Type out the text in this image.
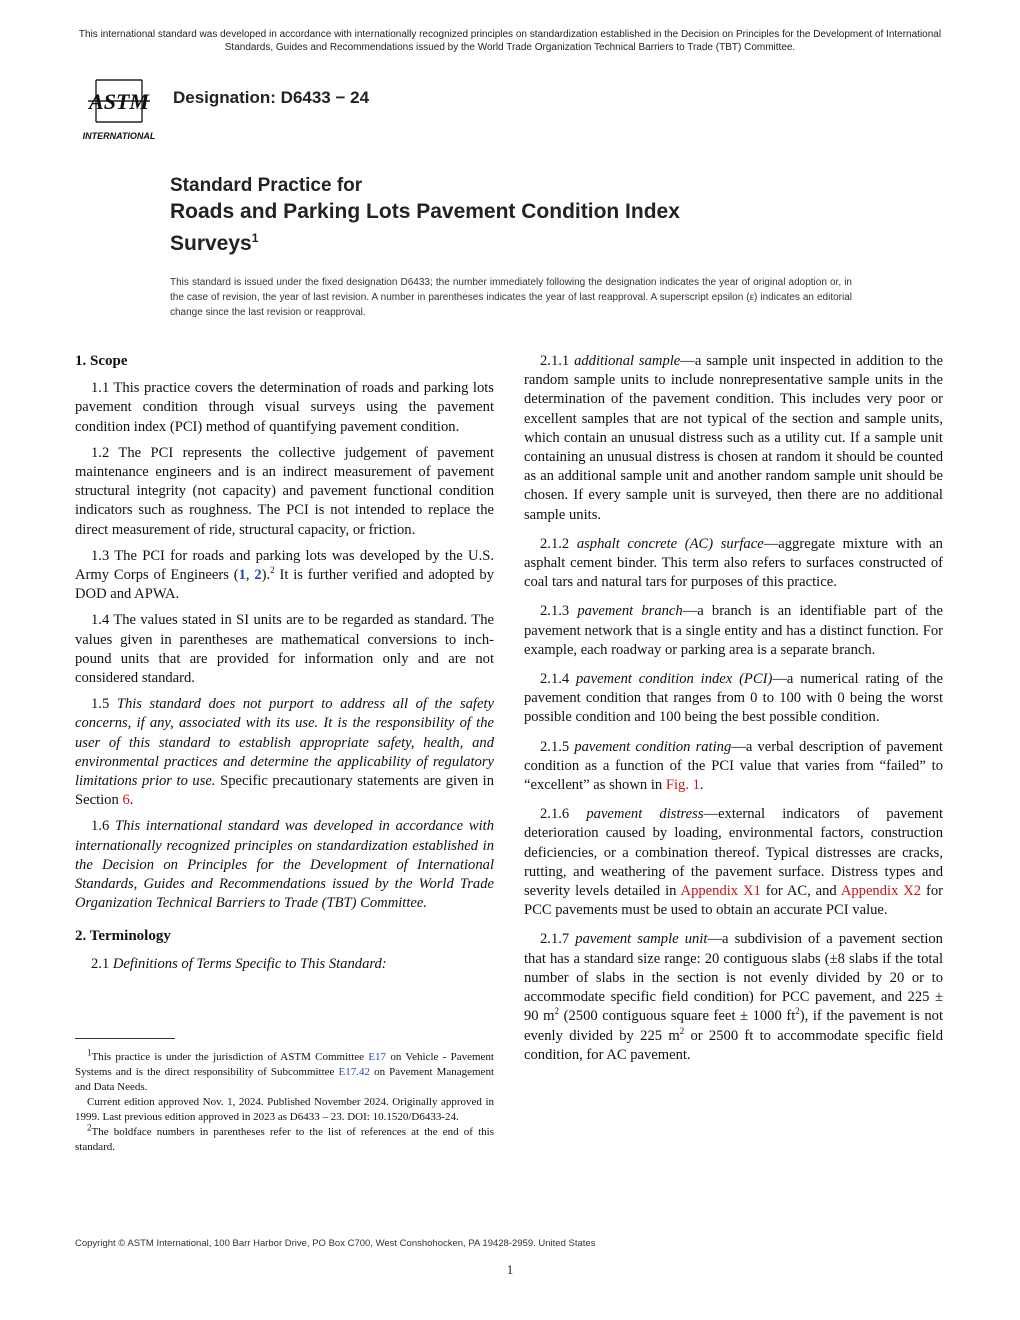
This international standard was developed in accordance with internationally recognized principles on standardization established in the Decision on Principles for the Development of International Standards, Guides and Recommendations issued by the World Trade Organization Technical Barriers to Trade (TBT) Committee.
ASTM
INTERNATIONAL
Designation: D6433 − 24
Standard Practice for
Roads and Parking Lots Pavement Condition Index
Surveys$^1$
This standard is issued under the fixed designation D6433; the number immediately following the designation indicates the year of original adoption or, in the case of revision, the year of last revision. A number in parentheses indicates the year of last reapproval. A superscript epsilon (ε) indicates an editorial change since the last revision or reapproval.
1. Scope

1.1 This practice covers the determination of roads and parking lots pavement condition through visual surveys using the pavement condition index (PCI) method of quantifying pavement condition.

1.2 The PCI represents the collective judgement of pavement maintenance engineers and is an indirect measurement of pavement structural integrity (not capacity) and pavement functional condition indicators such as roughness. The PCI is not intended to replace the direct measurement of ride, structural capacity, or friction.

1.3 The PCI for roads and parking lots was developed by the U.S. Army Corps of Engineers (1, 2).$^2$ It is further verified and adopted by DOD and APWA.

1.4 The values stated in SI units are to be regarded as standard. The values given in parentheses are mathematical conversions to inch-pound units that are provided for information only and are not considered standard.

1.5 This standard does not purport to address all of the safety concerns, if any, associated with its use. It is the responsibility of the user of this standard to establish appropriate safety, health, and environmental practices and determine the applicability of regulatory limitations prior to use. Specific precautionary statements are given in Section 6.

1.6 This international standard was developed in accordance with internationally recognized principles on standardization established in the Decision on Principles for the Development of International Standards, Guides and Recommendations issued by the World Trade Organization Technical Barriers to Trade (TBT) Committee.

2. Terminology

2.1 Definitions of Terms Specific to This Standard:

2.1.1 additional sample—a sample unit inspected in addition to the random sample units to include nonrepresentative sample units in the determination of the pavement condition. This includes very poor or excellent samples that are not typical of the section and sample units, which contain an unusual distress such as a utility cut. If a sample unit containing an unusual distress is chosen at random it should be counted as an additional sample unit and another random sample unit should be chosen. If every sample unit is surveyed, then there are no additional sample units.

2.1.2 asphalt concrete (AC) surface—aggregate mixture with an asphalt cement binder. This term also refers to surfaces constructed of coal tars and natural tars for purposes of this practice.

2.1.3 pavement branch—a branch is an identifiable part of the pavement network that is a single entity and has a distinct function. For example, each roadway or parking area is a separate branch.

2.1.4 pavement condition index (PCI)—a numerical rating of the pavement condition that ranges from 0 to 100 with 0 being the worst possible condition and 100 being the best possible condition.

2.1.5 pavement condition rating—a verbal description of pavement condition as a function of the PCI value that varies from “failed” to “excellent” as shown in Fig. 1.

2.1.6 pavement distress—external indicators of pavement deterioration caused by loading, environmental factors, construction deficiencies, or a combination thereof. Typical distresses are cracks, rutting, and weathering of the pavement surface. Distress types and severity levels detailed in Appendix X1 for AC, and Appendix X2 for PCC pavements must be used to obtain an accurate PCI value.

2.1.7 pavement sample unit—a subdivision of a pavement section that has a standard size range: 20 contiguous slabs (±8 slabs if the total number of slabs in the section is not evenly divided by 20 or to accommodate specific field condition) for PCC pavement, and 225 ± 90 $m^2$ (2500 contiguous square feet ± 1000 $ft^2$), if the pavement is not evenly divided by 225 $m^2$ or 2500 ft to accommodate specific field condition, for AC pavement.

$^1$This practice is under the jurisdiction of ASTM Committee E17 on Vehicle - Pavement Systems and is the direct responsibility of Subcommittee E17.42 on Pavement Management and Data Needs.

Current edition approved Nov. 1, 2024. Published November 2024. Originally approved in 1999. Last previous edition approved in 2023 as D6433 – 23. DOI: 10.1520/D6433-24.

$^2$The boldface numbers in parentheses refer to the list of references at the end of this standard.

Copyright © ASTM International, 100 Barr Harbor Drive, PO Box C700, West Conshohocken, PA 19428-2959. United States
1
